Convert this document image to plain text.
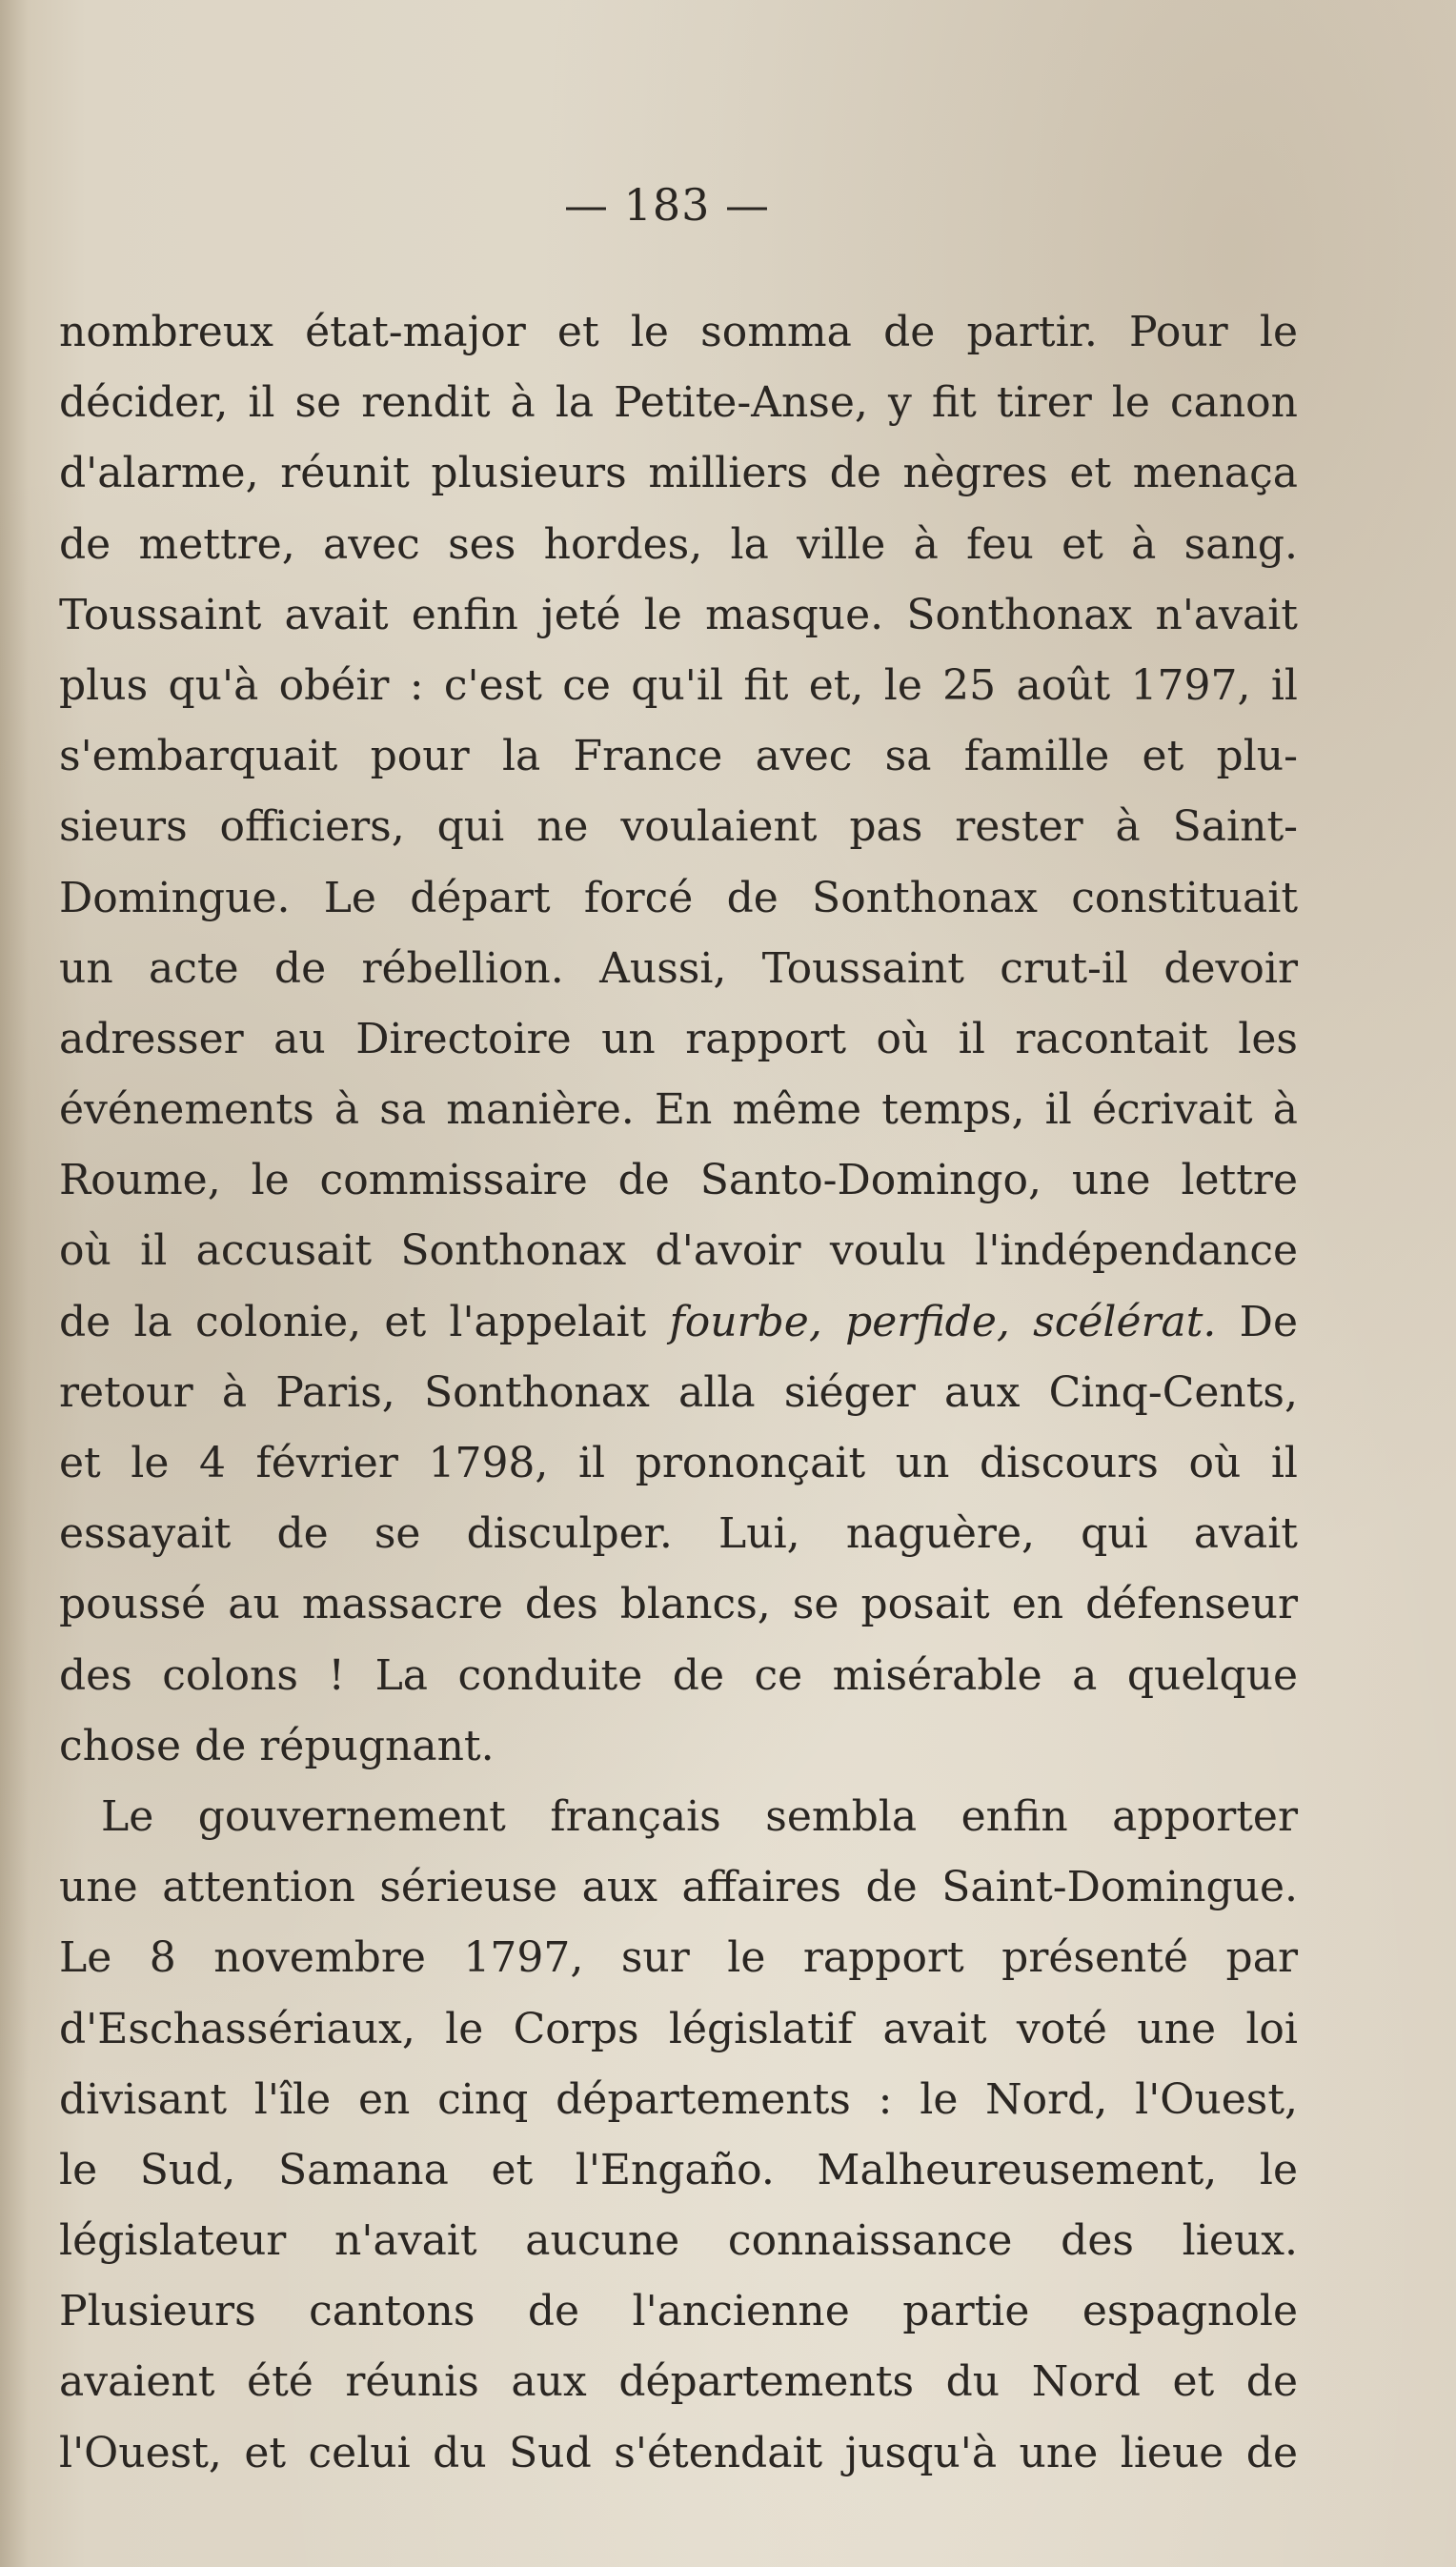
— 183 —
nombreux état-major et le somma de partir. Pour le
décider, il se rendit à la Petite-Anse, y fit tirer le canon
d'alarme, réunit plusieurs milliers de nègres et menaça
de mettre, avec ses hordes, la ville à feu et à sang.
Toussaint avait enfin jeté le masque. Sonthonax n'avait
plus qu'à obéir : c'est ce qu'il fit et, le 25 août 1797, il
s'embarquait pour la France avec sa famille et plu-
sieurs officiers, qui ne voulaient pas rester à Saint-
Domingue. Le départ forcé de Sonthonax constituait
un acte de rébellion. Aussi, Toussaint crut-il devoir
adresser au Directoire un rapport où il racontait les
événements à sa manière. En même temps, il écrivait à
Roume, le commissaire de Santo-Domingo, une lettre
où il accusait Sonthonax d'avoir voulu l'indépendance
de la colonie, et l'appelait fourbe, perfide, scélérat. De
retour à Paris, Sonthonax alla siéger aux Cinq-Cents,
et le 4 février 1798, il prononçait un discours où il
essayait de se disculper. Lui, naguère, qui avait
poussé au massacre des blancs, se posait en défenseur
des colons ! La conduite de ce misérable a quelque
chose de répugnant.
Le gouvernement français sembla enfin apporter
une attention sérieuse aux affaires de Saint-Domingue.
Le 8 novembre 1797, sur le rapport présenté par
d'Eschassériaux, le Corps législatif avait voté une loi
divisant l'île en cinq départements : le Nord, l'Ouest,
le Sud, Samana et l'Engaño. Malheureusement, le
législateur n'avait aucune connaissance des lieux.
Plusieurs cantons de l'ancienne partie espagnole
avaient été réunis aux départements du Nord et de
l'Ouest, et celui du Sud s'étendait jusqu'à une lieue de
